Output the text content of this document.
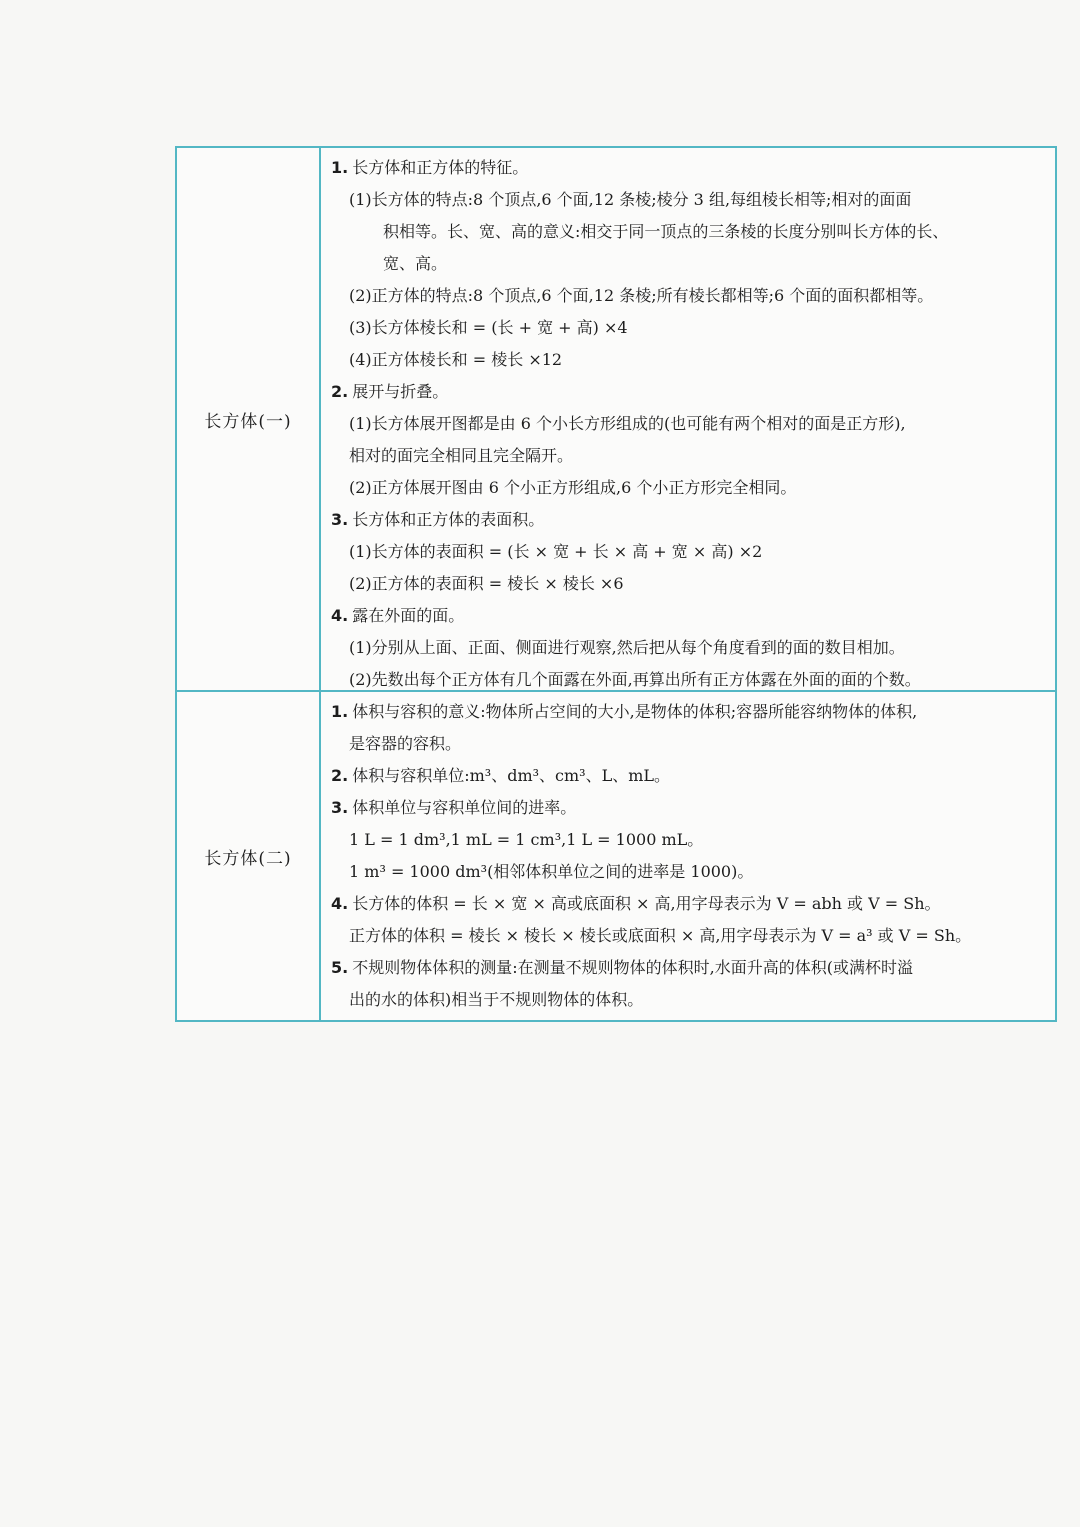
长方体(一)
1. 长方体和正方体的特征。
(1)长方体的特点:8 个顶点,6 个面,12 条棱;棱分 3 组,每组棱长相等;相对的面面
积相等。长、宽、高的意义:相交于同一顶点的三条棱的长度分别叫长方体的长、
宽、高。
(2)正方体的特点:8 个顶点,6 个面,12 条棱;所有棱长都相等;6 个面的面积都相等。
(3)长方体棱长和 = (长 + 宽 + 高) ×4
(4)正方体棱长和 = 棱长 ×12
2. 展开与折叠。
(1)长方体展开图都是由 6 个小长方形组成的(也可能有两个相对的面是正方形),
相对的面完全相同且完全隔开。
(2)正方体展开图由 6 个小正方形组成,6 个小正方形完全相同。
3. 长方体和正方体的表面积。
(1)长方体的表面积 = (长 × 宽 + 长 × 高 + 宽 × 高) ×2
(2)正方体的表面积 = 棱长 × 棱长 ×6
4. 露在外面的面。
(1)分别从上面、正面、侧面进行观察,然后把从每个角度看到的面的数目相加。
(2)先数出每个正方体有几个面露在外面,再算出所有正方体露在外面的面的个数。
长方体(二)
1. 体积与容积的意义:物体所占空间的大小,是物体的体积;容器所能容纳物体的体积,
是容器的容积。
2. 体积与容积单位:m³、dm³、cm³、L、mL。
3. 体积单位与容积单位间的进率。
1 L = 1 dm³,1 mL = 1 cm³,1 L = 1000 mL。
1 m³ = 1000 dm³(相邻体积单位之间的进率是 1000)。
4. 长方体的体积 = 长 × 宽 × 高或底面积 × 高,用字母表示为 V = abh 或 V = Sh。
正方体的体积 = 棱长 × 棱长 × 棱长或底面积 × 高,用字母表示为 V = a³ 或 V = Sh。
5. 不规则物体体积的测量:在测量不规则物体的体积时,水面升高的体积(或满杯时溢
出的水的体积)相当于不规则物体的体积。
